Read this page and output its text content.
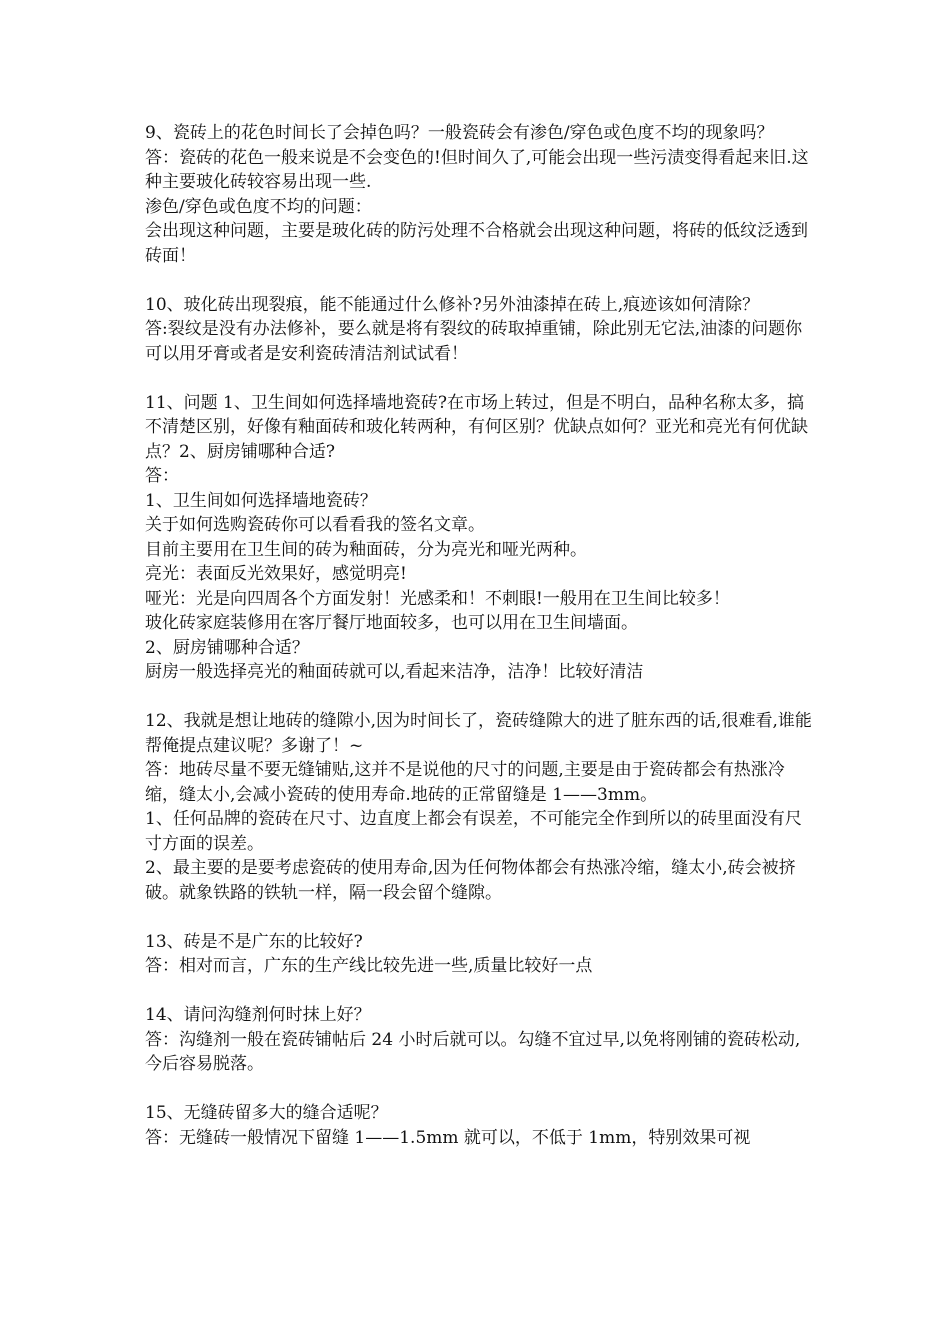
9、瓷砖上的花色时间长了会掉色吗？一般瓷砖会有渗色/穿色或色度不均的现象吗？
答：瓷砖的花色一般来说是不会变色的!但时间久了,可能会出现一些污渍变得看起来旧.这种主要玻化砖较容易出现一些.
渗色/穿色或色度不均的问题：
会出现这种问题，主要是玻化砖的防污处理不合格就会出现这种问题，将砖的低纹泛透到砖面！
10、玻化砖出现裂痕，能不能通过什么修补?另外油漆掉在砖上,痕迹该如何清除？
答:裂纹是没有办法修补，要么就是将有裂纹的砖取掉重铺，除此别无它法,油漆的问题你可以用牙膏或者是安利瓷砖清洁剂试试看！
11、问题 1、卫生间如何选择墙地瓷砖?在市场上转过，但是不明白，品种名称太多，搞不清楚区别，好像有釉面砖和玻化转两种，有何区别？优缺点如何？亚光和亮光有何优缺点？2、厨房铺哪种合适?
答：
1、卫生间如何选择墙地瓷砖？
关于如何选购瓷砖你可以看看我的签名文章。
目前主要用在卫生间的砖为釉面砖，分为亮光和哑光两种。
亮光：表面反光效果好，感觉明亮!
哑光：光是向四周各个方面发射！光感柔和！不刺眼!一般用在卫生间比较多！
玻化砖家庭装修用在客厅餐厅地面较多，也可以用在卫生间墙面。
2、厨房铺哪种合适？
厨房一般选择亮光的釉面砖就可以,看起来洁净，洁净！比较好清洁
12、我就是想让地砖的缝隙小,因为时间长了，瓷砖缝隙大的进了脏东西的话,很难看,谁能帮俺提点建议呢？多谢了！~
答：地砖尽量不要无缝铺贴,这并不是说他的尺寸的问题,主要是由于瓷砖都会有热涨冷缩，缝太小,会减小瓷砖的使用寿命.地砖的正常留缝是 1——3mm。
1、任何品牌的瓷砖在尺寸、边直度上都会有误差，不可能完全作到所以的砖里面没有尺寸方面的误差。
2、最主要的是要考虑瓷砖的使用寿命,因为任何物体都会有热涨冷缩，缝太小,砖会被挤破。就象铁路的铁轨一样，隔一段会留个缝隙。
13、砖是不是广东的比较好?
答：相对而言，广东的生产线比较先进一些,质量比较好一点
14、请问沟缝剂何时抹上好？
答：沟缝剂一般在瓷砖铺帖后 24 小时后就可以。勾缝不宜过早,以免将刚铺的瓷砖松动,今后容易脱落。
15、无缝砖留多大的缝合适呢？
答：无缝砖一般情况下留缝 1——1.5mm 就可以，不低于 1mm，特别效果可视
